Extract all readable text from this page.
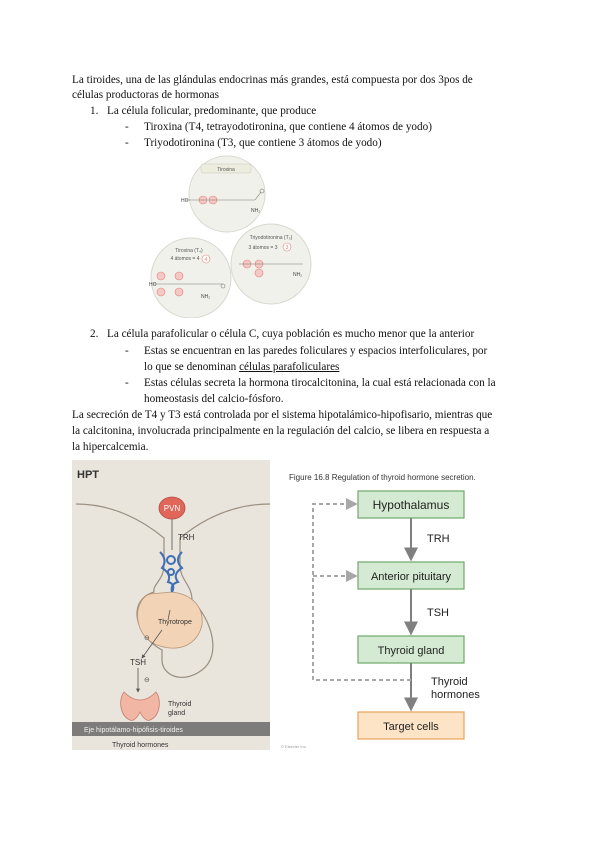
La tiroides, una de las glándulas endocrinas más grandes, está compuesta por dos 3pos de
células productoras de hormonas
1. La célula folicular, predominante, que produce
- Tiroxina (T4, tetrayodotironina, que contiene 4 átomos de yodo)
- Triyodotironina (T3, que contiene 3 átomos de yodo)
Tiroxina
HO
NH₂
Triyodotironina (T₃)
3 átomos = 3 3
NH₂
Tiroxina (T₄)
4 átomos = 4 4
HO
NH₂
2. La célula parafolicular o célula C, cuya población es mucho menor que la anterior
- Estas se encuentran en las paredes foliculares y espacios interfoliculares, por
lo que se denominan células parafoliculares
- Estas células secreta la hormona tirocalcitonina, la cual está relacionada con la
homeostasis del calcio-fósforo.
La secreción de T4 y T3 está controlada por el sistema hipotalámico-hipofisario, mientras que
la calcitonina, involucrada principalmente en la regulación del calcio, se libera en respuesta a
la hipercalcemia.
HPT
PVN
TRH
Thyrotrope
⊖
TSH
⊖
Thyroid
gland
Eje hipotálamo-hipófisis-tiroides
Thyroid hormones
Figure 16.8 Regulation of thyroid hormone secretion.
Hypothalamus
TRH
Anterior pituitary
TSH
Thyroid gland
Thyroid
hormones
Target cells
© Elsevier Inc.
